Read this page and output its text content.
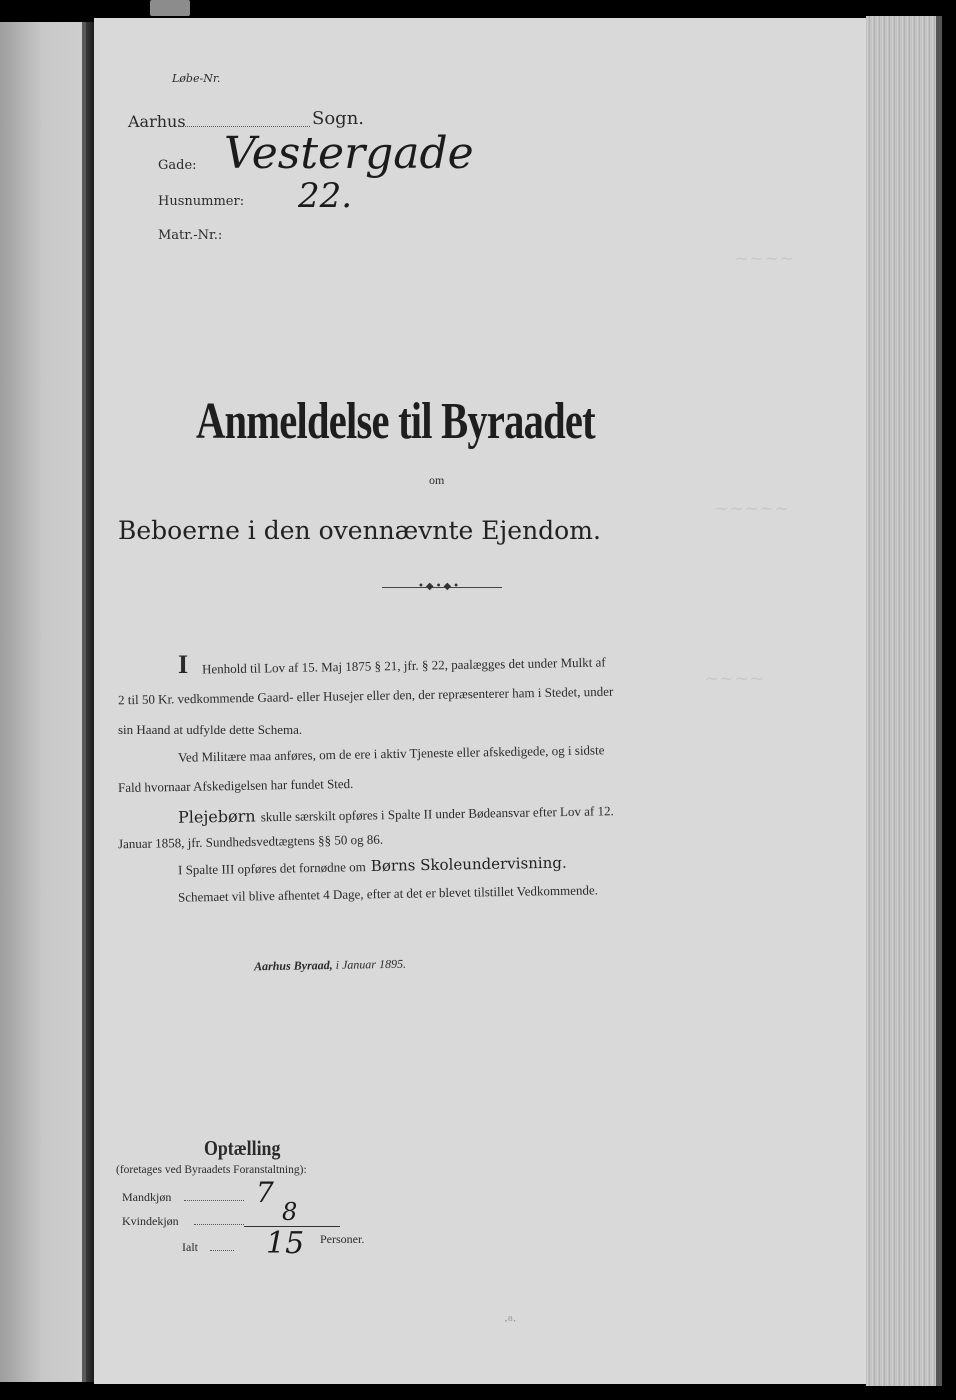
~~~~
~~~~~
~~~~
Løbe-Nr.
Aarhus	Sogn.
Gade: Vestergade
Husnummer: 22.
Matr.-Nr.:
Anmeldelse til Byraadet
om
Beboerne i den ovennævnte Ejendom.
•◆•◆•
I Henhold til Lov af 15. Maj 1875 § 21, jfr. § 22, paalægges det under Mulkt af
2 til 50 Kr. vedkommende Gaard- eller Husejer eller den, der repræsenterer ham i Stedet, under
sin Haand at udfylde dette Schema.
Ved Militære maa anføres, om de ere i aktiv Tjeneste eller afskedigede, og i sidste
Fald hvornaar Afskedigelsen har fundet Sted.
Plejebørn skulle særskilt opføres i Spalte II under Bødeansvar efter Lov af 12.
Januar 1858, jfr. Sundhedsvedtægtens §§ 50 og 86.
I Spalte III opføres det fornødne om Børns Skoleundervisning.
Schemaet vil blive afhentet 4 Dage, efter at det er blevet tilstillet Vedkommende.
Aarhus Byraad, i Januar 1895.
Optælling
(foretages ved Byraadets Foranstaltning):
Mandkjøn	7
Kvindekjøn	8
Ialt 15 Personer.
·⁸·
